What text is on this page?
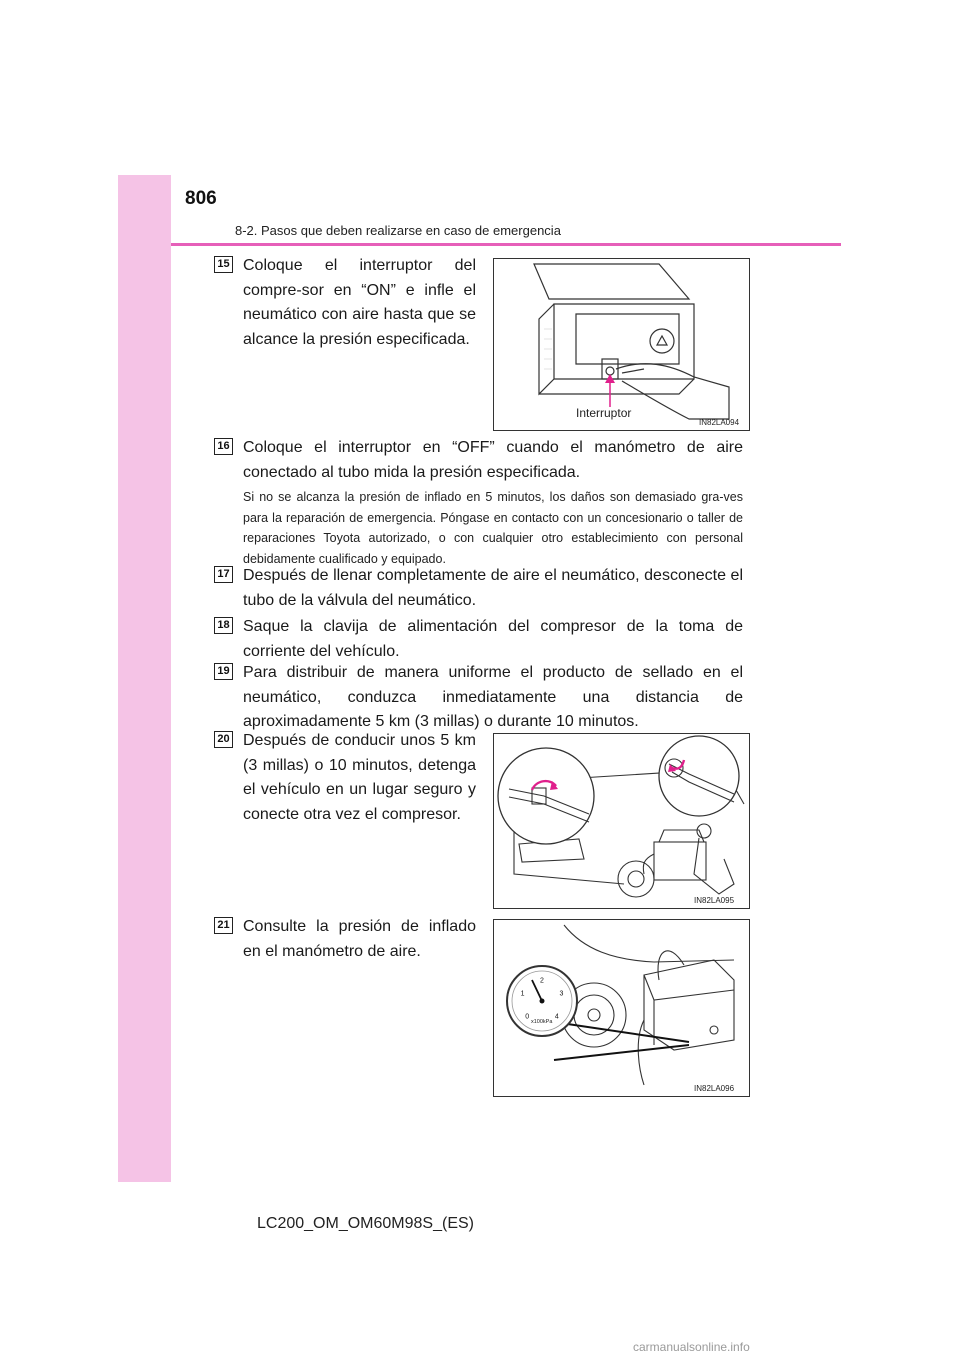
806
8-2. Pasos que deben realizarse en caso de emergencia
15 Coloque el interruptor del compre-sor en “ON” e infle el neumático con aire hasta que se alcance la presión especificada.

Interruptor
IN82LA094
16 Coloque el interruptor en “OFF” cuando el manómetro de aire conectado al tubo mida la presión especificada.

Si no se alcanza la presión de inflado en 5 minutos, los daños son demasiado gra-ves para la reparación de emergencia. Póngase en contacto con un concesionario o taller de reparaciones Toyota autorizado, o con cualquier otro establecimiento con personal debidamente cualificado y equipado.

17 Después de llenar completamente de aire el neumático, desconecte el tubo de la válvula del neumático.

18 Saque la clavija de alimentación del compresor de la toma de corriente del vehículo.

19 Para distribuir de manera uniforme el producto de sellado en el neumático, conduzca inmediatamente una distancia de aproximadamente 5 km (3 millas) o durante 10 minutos.

20 Después de conducir unos 5 km (3 millas) o 10 minutos, detenga el vehículo en un lugar seguro y conecte otra vez el compresor.

IN82LA095
21 Consulte la presión de inflado en el manómetro de aire.

0
1
2
3
4
x100kPa
IN82LA096
LC200_OM_OM60M98S_(ES)
carmanualsonline.info
